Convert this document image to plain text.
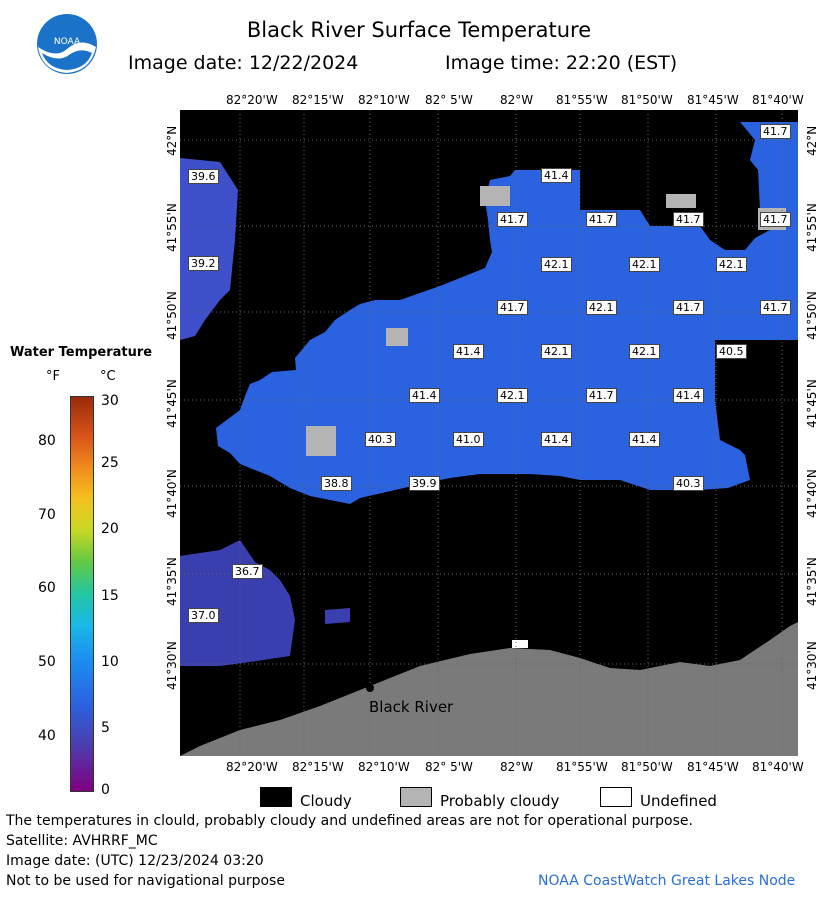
NOAA	Black River Surface Temperature
Image date: 12/22/2024	Image time: 22:20 (EST)
82°20'W 82°15'W 82°10'W 82° 5'W 82°W 81°55'W 81°50'W 81°45'W 81°40'W
82°20'W 82°15'W 82°10'W 82° 5'W 82°W 81°55'W 81°50'W 81°45'W 81°40'W
42°N
41°55'N
41°50'N
41°45'N
41°40'N
41°35'N
41°30'N
42°N
41°55'N
41°50'N
41°45'N
41°40'N
41°35'N
41°30'N
41.7
39.6	41.4
41.7	41.7	41.7	41.7
42.1	42.1	42.1
39.2
41.7	42.1	41.7	41.7
41.4	42.1	42.1	40.5
41.4	42.1	41.7	41.4
40.3	41.0	41.4	41.4
38.8	39.9	40.3
36.7
37.0
Black River
Water Temperature
°F	°C
80
70
60
50
40
30
25
20
15
10
5
0
Cloudy	Probably cloudy	Undefined
The temperatures in clould, probably cloudy and undefined areas are not for operational purpose.
Satellite: AVHRRF_MC
Image date: (UTC) 12/23/2024 03:20
Not to be used for navigational purpose	NOAA CoastWatch Great Lakes Node
